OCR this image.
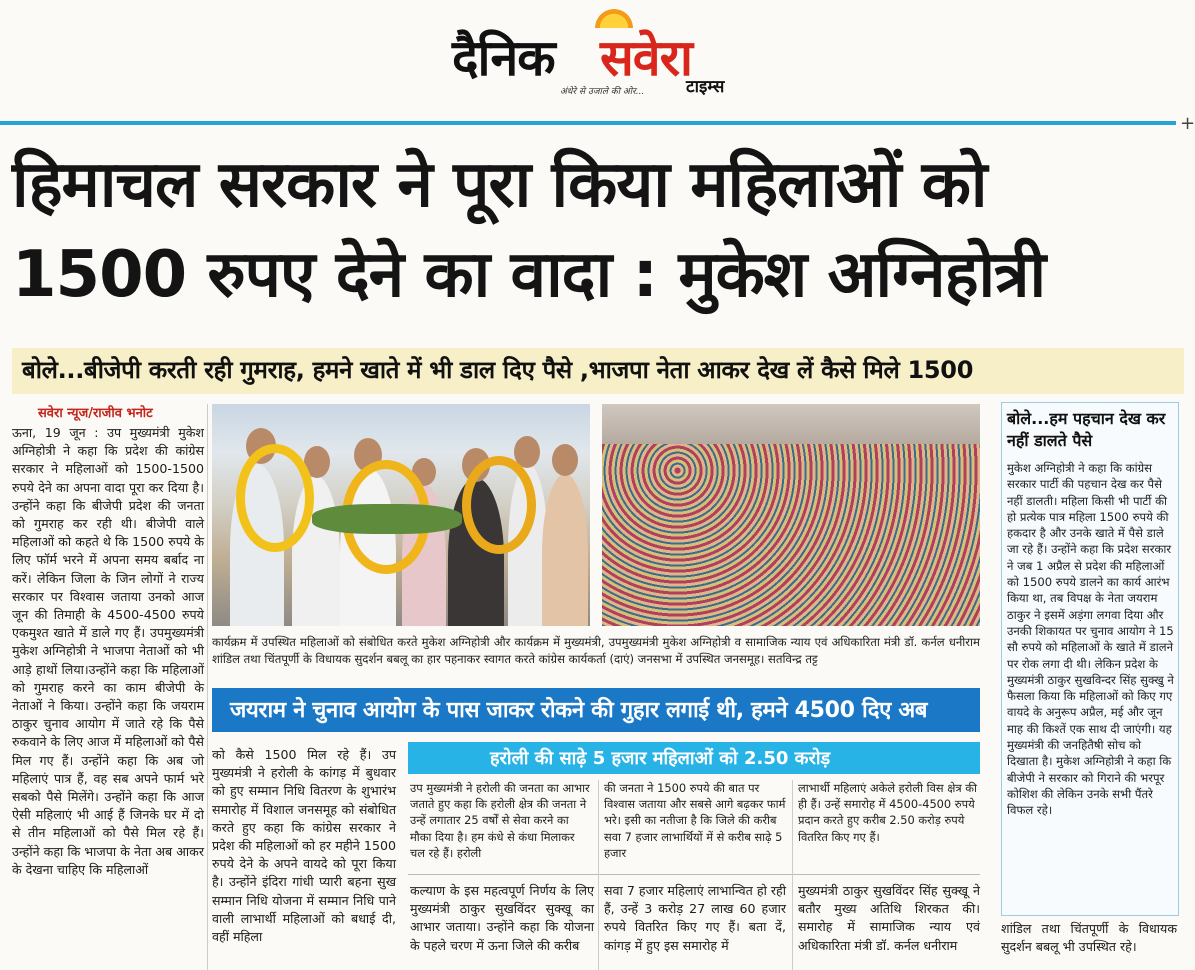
दैनिक सवेरा
अंधेरे से उजाले की ओर... टाइम्स
+
हिमाचल सरकार ने पूरा किया महिलाओं को
1500 रुपए देने का वादा : मुकेश अग्निहोत्री
बोले...बीजेपी करती रही गुमराह, हमने खाते में भी डाल दिए पैसे ,भाजपा नेता आकर देख लें कैसे मिले 1500
सवेरा न्यूज/राजीव भनोट
ऊना, 19 जून : उप मुख्यमंत्री मुकेश अग्निहोत्री ने कहा कि प्रदेश की कांग्रेस सरकार ने महिलाओं को 1500-1500 रुपये देने का अपना वादा पूरा कर दिया है। उन्होंने कहा कि बीजेपी प्रदेश की जनता को गुमराह कर रही थी। बीजेपी वाले महिलाओं को कहते थे कि 1500 रुपये के लिए फॉर्म भरने में अपना समय बर्बाद ना करें। लेकिन जिला के जिन लोगों ने राज्य सरकार पर विश्वास जताया उनको आज जून की तिमाही के 4500-4500 रुपये एकमुश्त खाते में डाले गए हैं। उपमुख्यमंत्री मुकेश अग्निहोत्री ने भाजपा नेताओं को भी आड़े हाथों लिया।उन्होंने कहा कि महिलाओं को गुमराह करने का काम बीजेपी के नेताओं ने किया। उन्होंने कहा कि जयराम ठाकुर चुनाव आयोग में जाते रहे कि पैसे रुकवाने के लिए आज में महिलाओं को पैसे मिल गए हैं। उन्होंने कहा कि अब जो महिलाएं पात्र हैं, वह सब अपने फार्म भरे सबको पैसे मिलेंगे। उन्होंने कहा कि आज ऐसी महिलाएं भी आई हैं जिनके घर में दो से तीन महिलाओं को पैसे मिल रहे हैं। उन्होंने कहा कि भाजपा के नेता अब आकर के देखना चाहिए कि महिलाओं
कार्यक्रम में उपस्थित महिलाओं को संबोधित करते मुकेश अग्निहोत्री और कार्यक्रम में मुख्यमंत्री, उपमुख्यमंत्री मुकेश अग्निहोत्री व सामाजिक न्याय एवं अधिकारिता मंत्री डॉ. कर्नल धनीराम शांडिल तथा चिंतपूर्णी के विधायक सुदर्शन बबलू का हार पहनाकर स्वागत करते कांग्रेस कार्यकर्ता (दाएं) जनसभा में उपस्थित जनसमूह। सतविन्द्र तट्ट
जयराम ने चुनाव आयोग के पास जाकर रोकने की गुहार लगाई थी, हमने 4500 दिए अब
को कैसे 1500 मिल रहे हैं। उप मुख्यमंत्री ने हरोली के कांगड़ में बुधवार को हुए सम्मान निधि वितरण के शुभारंभ समारोह में विशाल जनसमूह को संबोधित करते हुए कहा कि कांग्रेस सरकार ने प्रदेश की महिलाओं को हर महीने 1500 रुपये देने के अपने वायदे को पूरा किया है। उन्होंने इंदिरा गांधी प्यारी बहना सुख सम्मान निधि योजना में सम्मान निधि पाने वाली लाभार्थी महिलाओं को बधाई दी, वहीं महिला
हरोली की साढ़े 5 हजार महिलाओं को 2.50 करोड़
उप मुख्यमंत्री ने हरोली की जनता का आभार जताते हुए कहा कि हरोली क्षेत्र की जनता ने उन्हें लगातार 25 वर्षों से सेवा करने का मौका दिया है। हम कंधे से कंधा मिलाकर चल रहे हैं। हरोली
की जनता ने 1500 रुपये की बात पर विश्वास जताया और सबसे आगे बढ़कर फार्म भरे। इसी का नतीजा है कि जिले की करीब सवा 7 हजार लाभार्थियों में से करीब साढ़े 5 हजार
लाभार्थी महिलाएं अकेले हरोली विस क्षेत्र की ही हैं। उन्हें समारोह में 4500-4500 रुपये प्रदान करते हुए करीब 2.50 करोड़ रुपये वितरित किए गए हैं।
कल्याण के इस महत्वपूर्ण निर्णय के लिए मुख्यमंत्री ठाकुर सुखविंदर सुक्खू का आभार जताया। उन्होंने कहा कि योजना के पहले चरण में ऊना जिले की करीब
सवा 7 हजार महिलाएं लाभान्वित हो रही हैं, उन्हें 3 करोड़ 27 लाख 60 हजार रुपये वितरित किए गए हैं। बता दें, कांगड़ में हुए इस समारोह में
मुख्यमंत्री ठाकुर सुखविंदर सिंह सुक्खू ने बतौर मुख्य अतिथि शिरकत की। समारोह में सामाजिक न्याय एवं अधिकारिता मंत्री डॉ. कर्नल धनीराम
बोले...हम पहचान देख कर नहीं डालते पैसे
मुकेश अग्निहोत्री ने कहा कि कांग्रेस सरकार पार्टी की पहचान देख कर पैसे नहीं डालती। महिला किसी भी पार्टी की हो प्रत्येक पात्र महिला 1500 रुपये की हकदार है और उनके खाते में पैसे डाले जा रहे हैं। उन्होंने कहा कि प्रदेश सरकार ने जब 1 अप्रैल से प्रदेश की महिलाओं को 1500 रुपये डालने का कार्य आरंभ किया था, तब विपक्ष के नेता जयराम ठाकुर ने इसमें अड़ंगा लगवा दिया और उनकी शिकायत पर चुनाव आयोग ने 15 सौ रुपये को महिलाओं के खाते में डालने पर रोक लगा दी थी। लेकिन प्रदेश के मुख्यमंत्री ठाकुर सुखविन्दर सिंह सुक्खु ने फैसला किया कि महिलाओं को किए गए वायदे के अनुरूप अप्रैल, मई और जून माह की किश्तें एक साथ दी जाएंगी। यह मुख्यमंत्री की जनहितैषी सोच को दिखाता है। मुकेश अग्निहोत्री ने कहा कि बीजेपी ने सरकार को गिराने की भरपूर कोशिश की लेकिन उनके सभी पैंतरे विफल रहे।
शांडिल तथा चिंतपूर्णी के विधायक सुदर्शन बबलू भी उपस्थित रहे।
